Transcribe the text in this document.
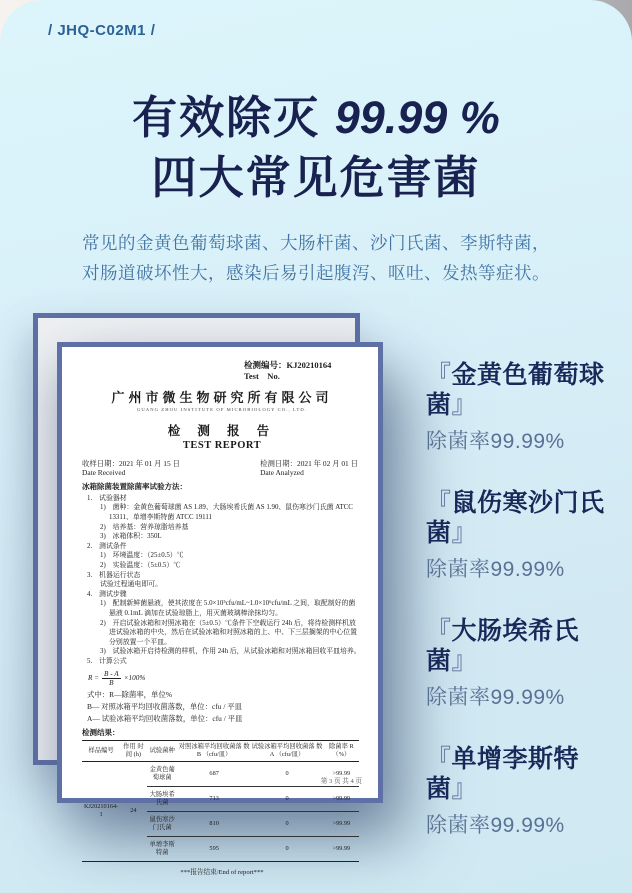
/ JHQ-C02M1 /
有效除灭 99.99 %
四大常见危害菌
常见的金黄色葡萄球菌、大肠杆菌、沙门氏菌、李斯特菌，
对肠道破坏性大，感染后易引起腹泻、呕吐、发热等症状。
检测编号：KJ20210164
Test    No.
广州市微生物研究所有限公司
GUANG ZHOU INSTITUTE OF MICROBIOLOGY CO., LTD.
检 测 报 告
TEST REPORT
收样日期：2021 年 01 月 15 日
Date Received
检测日期：2021 年 02 月 01 日
Date Analyzed
冰箱除菌装置除菌率试验方法：
1.　试验器材
1)　菌种：金黄色葡萄球菌 AS 1.89、大肠埃希氏菌 AS 1.90、鼠伤寒沙门氏菌 ATCC 13311、单增李斯特菌 ATCC 19111
2)　培养基：营养琼脂培养基
3)　冰箱体积：350L
2.　测试条件
1)　环境温度：（25±0.5）℃
2)　实验温度：（5±0.5）℃
3.　机器运行状态
试验过程通电即可。
4.　测试步骤
1)　配制新鲜菌悬液，使其浓度在 5.0×10⁵cfu/mL~1.0×10⁶cfu/mL 之间，取配制好的菌悬液 0.1mL 滴加在试验琼脂上，用灭菌玻璃棒涂抹均匀。
2)　开启试验冰箱和对照冰箱在（5±0.5）℃条件下空载运行 24h 后，将待检测样机放进试验冰箱的中央，然后在试验冰箱和对照冰箱的上、中、下三层搁架的中心位置分别放置一个平皿。
3)　试验冰箱开启待检测的样机，作用 24h 后，从试验冰箱和对照冰箱回收平皿培养。
5.　计算公式
$R = \frac{B - A}{B} \times 100\%$
式中：R—除菌率，单位%
B— 对照冰箱平均回收菌落数，单位：cfu / 平皿
A— 试验冰箱平均回收菌落数，单位：cfu / 平皿
检测结果：
样品编号	作用 时间 (h)	试验菌种	对照冰箱平均回收菌落 数 B （cfu/皿）	试验冰箱平均回收菌落 数 A （cfu/皿）	除菌率 R （%）
KJ20210164-1	24	金黄色葡萄球菌	687	0	>99.99
		大肠埃希氏菌	713	0	>99.99
		鼠伤寒沙门氏菌	810	0	>99.99
		单增李斯特菌	595	0	>99.99
***报告结束/End of report***
第 3 页 共 4 页
『金黄色葡萄球菌』
除菌率99.99%
『鼠伤寒沙门氏菌』
除菌率99.99%
『大肠埃希氏菌』
除菌率99.99%
『单增李斯特菌』
除菌率99.99%
